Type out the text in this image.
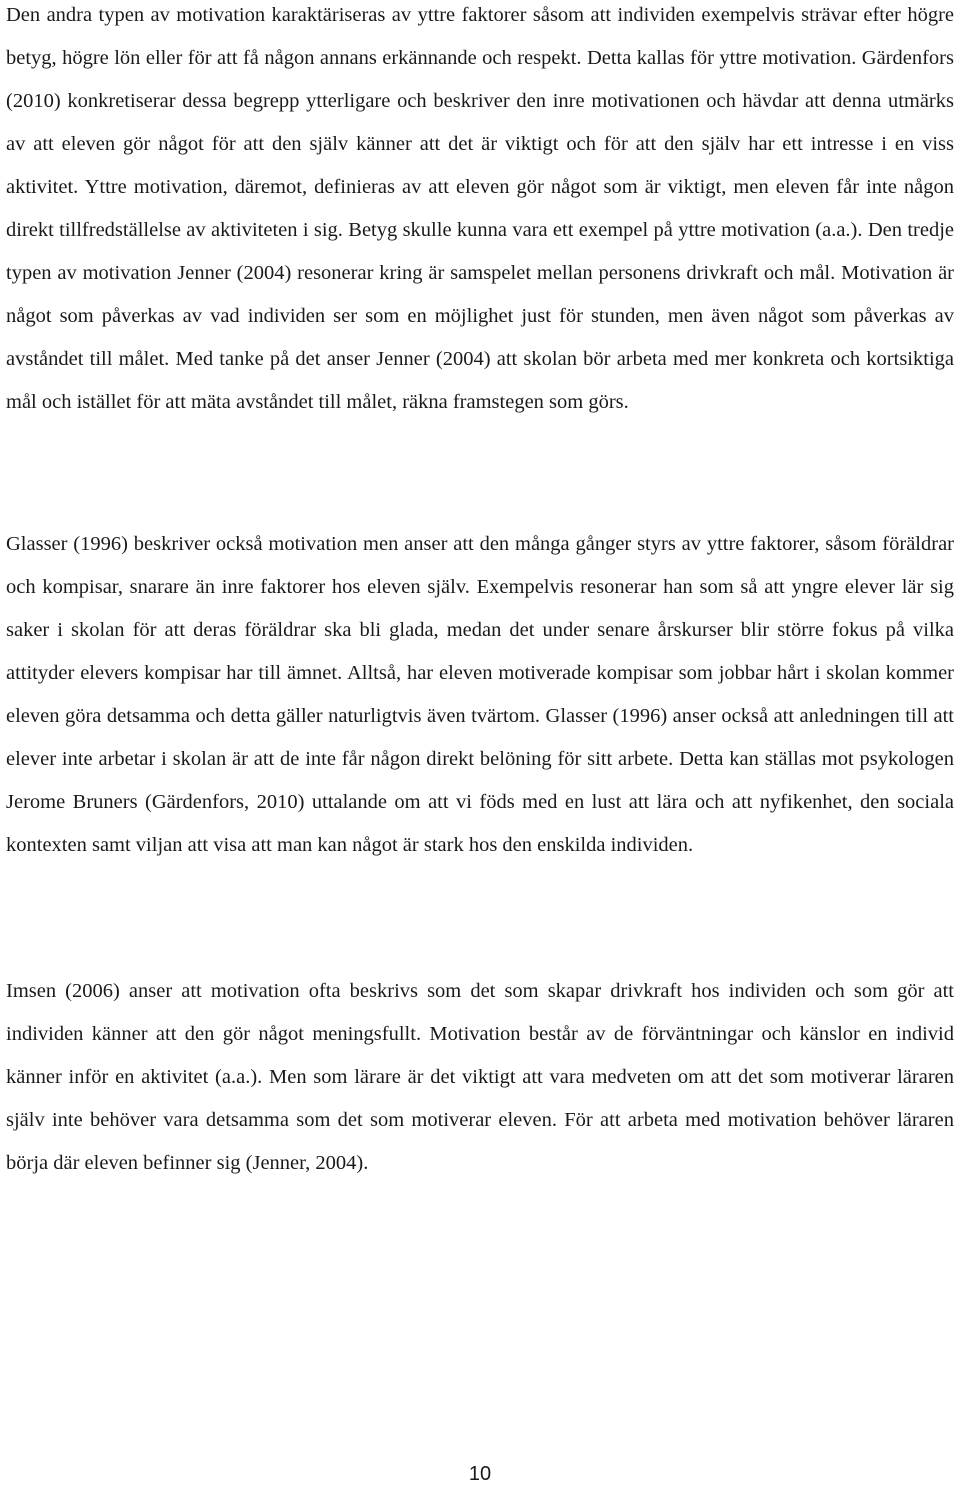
Den andra typen av motivation karaktäriseras av yttre faktorer såsom att individen exempelvis strävar efter högre betyg, högre lön eller för att få någon annans erkännande och respekt. Detta kallas för yttre motivation. Gärdenfors (2010) konkretiserar dessa begrepp ytterligare och beskriver den inre motivationen och hävdar att denna utmärks av att eleven gör något för att den själv känner att det är viktigt och för att den själv har ett intresse i en viss aktivitet. Yttre motivation, däremot, definieras av att eleven gör något som är viktigt, men eleven får inte någon direkt tillfredställelse av aktiviteten i sig. Betyg skulle kunna vara ett exempel på yttre motivation (a.a.). Den tredje typen av motivation Jenner (2004) resonerar kring är samspelet mellan personens drivkraft och mål. Motivation är något som påverkas av vad individen ser som en möjlighet just för stunden, men även något som påverkas av avståndet till målet. Med tanke på det anser Jenner (2004) att skolan bör arbeta med mer konkreta och kortsiktiga mål och istället för att mäta avståndet till målet, räkna framstegen som görs.

Glasser (1996) beskriver också motivation men anser att den många gånger styrs av yttre faktorer, såsom föräldrar och kompisar, snarare än inre faktorer hos eleven själv. Exempelvis resonerar han som så att yngre elever lär sig saker i skolan för att deras föräldrar ska bli glada, medan det under senare årskurser blir större fokus på vilka attityder elevers kompisar har till ämnet. Alltså, har eleven motiverade kompisar som jobbar hårt i skolan kommer eleven göra detsamma och detta gäller naturligtvis även tvärtom. Glasser (1996) anser också att anledningen till att elever inte arbetar i skolan är att de inte får någon direkt belöning för sitt arbete. Detta kan ställas mot psykologen Jerome Bruners (Gärdenfors, 2010) uttalande om att vi föds med en lust att lära och att nyfikenhet, den sociala kontexten samt viljan att visa att man kan något är stark hos den enskilda individen.

Imsen (2006) anser att motivation ofta beskrivs som det som skapar drivkraft hos individen och som gör att individen känner att den gör något meningsfullt. Motivation består av de förväntningar och känslor en individ känner inför en aktivitet (a.a.). Men som lärare är det viktigt att vara medveten om att det som motiverar läraren själv inte behöver vara detsamma som det som motiverar eleven. För att arbeta med motivation behöver läraren börja där eleven befinner sig (Jenner, 2004).

10
